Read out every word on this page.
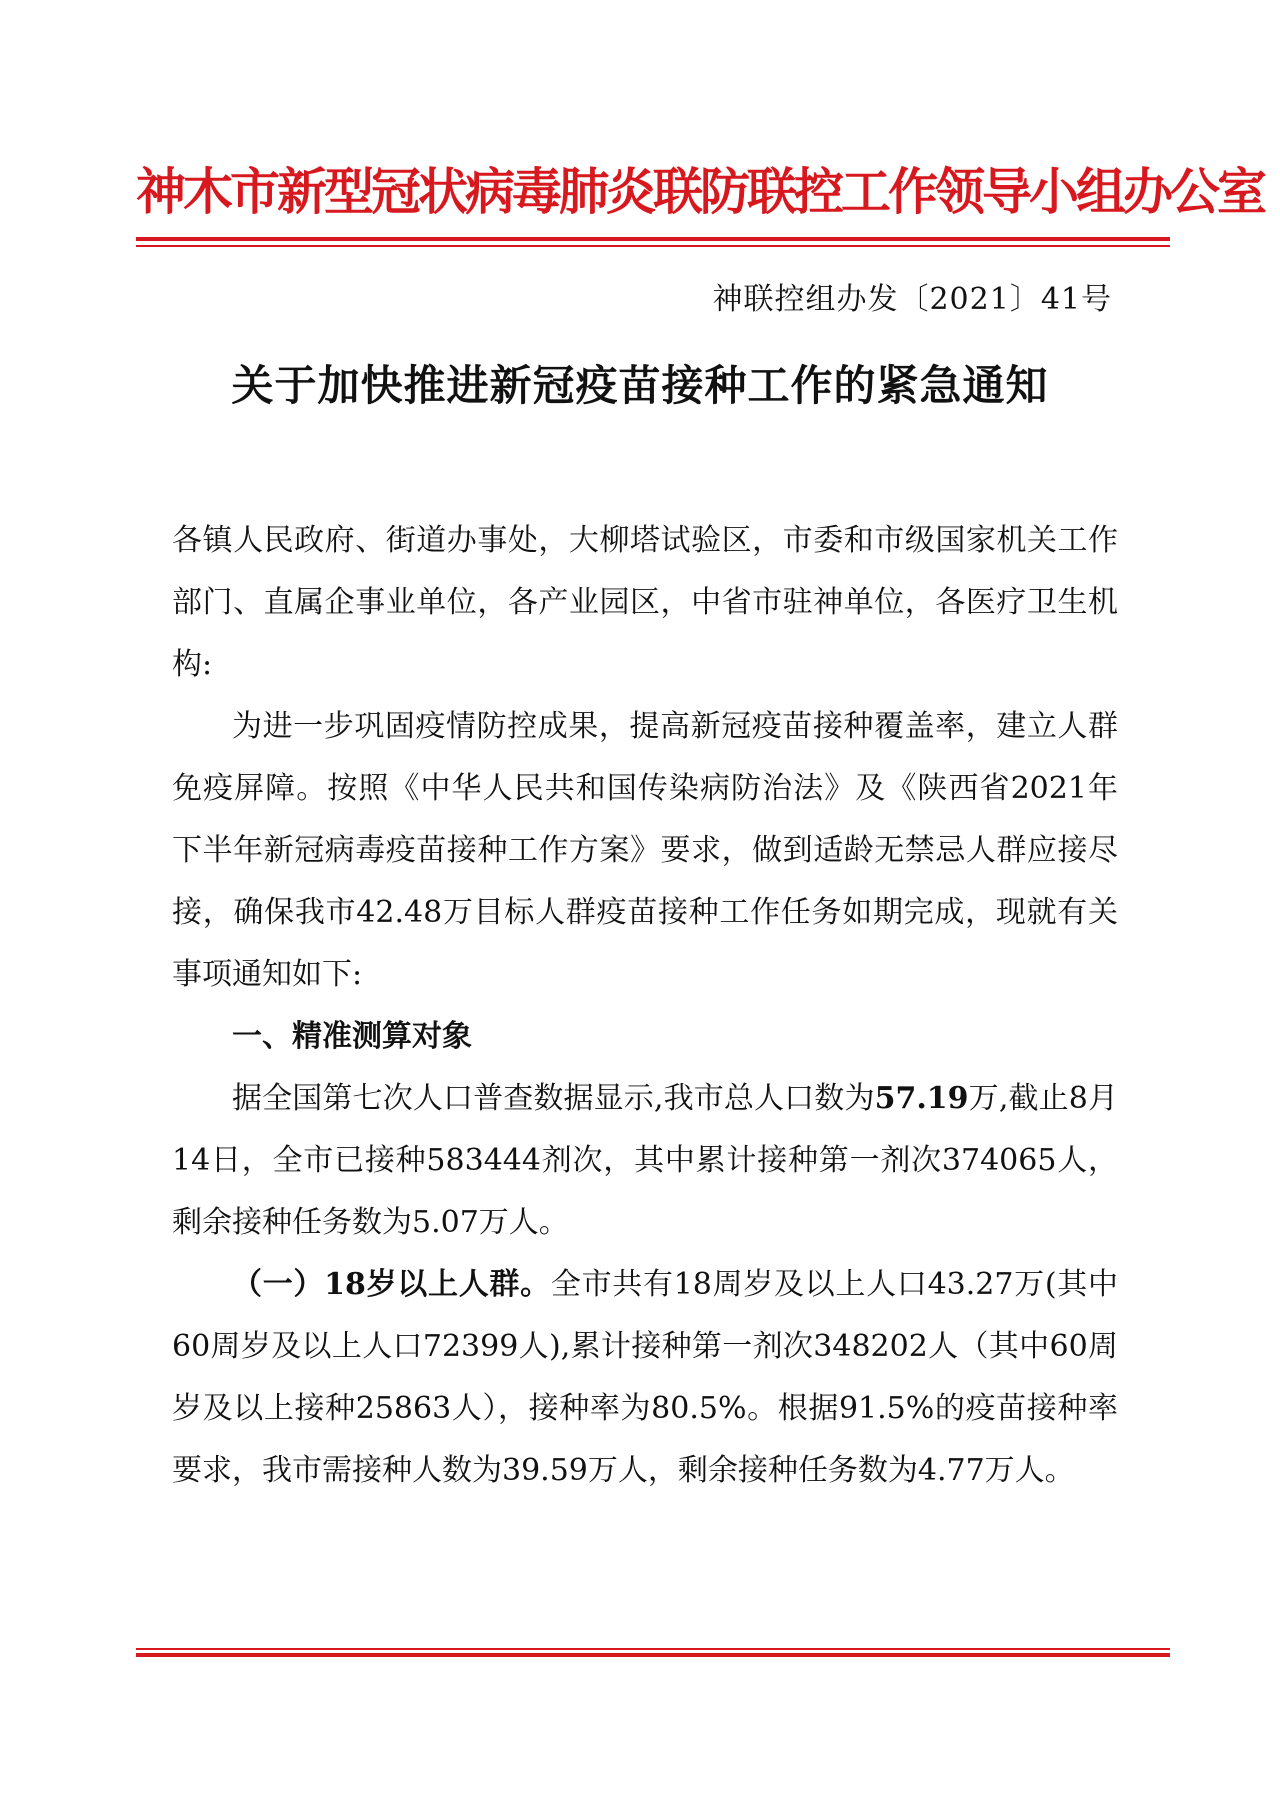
神木市新型冠状病毒肺炎联防联控工作领导小组办公室
神联控组办发〔2021〕41号
关于加快推进新冠疫苗接种工作的紧急通知

各镇人民政府、街道办事处，大柳塔试验区，市委和市级国家机关工作部门、直属企事业单位，各产业园区，中省市驻神单位，各医疗卫生机构:

为进一步巩固疫情防控成果，提高新冠疫苗接种覆盖率，建立人群免疫屏障。按照《中华人民共和国传染病防治法》及《陕西省2021年下半年新冠病毒疫苗接种工作方案》要求，做到适龄无禁忌人群应接尽接，确保我市42.48万目标人群疫苗接种工作任务如期完成，现就有关事项通知如下:

一、精准测算对象

据全国第七次人口普查数据显示,我市总人口数为57.19万,截止8月14日，全市已接种583444剂次，其中累计接种第一剂次374065人，剩余接种任务数为5.07万人。

（一）18岁以上人群。全市共有18周岁及以上人口43.27万(其中60周岁及以上人口72399人),累计接种第一剂次348202人（其中60周岁及以上接种25863人），接种率为80.5%。根据91.5%的疫苗接种率要求，我市需接种人数为39.59万人，剩余接种任务数为4.77万人。
